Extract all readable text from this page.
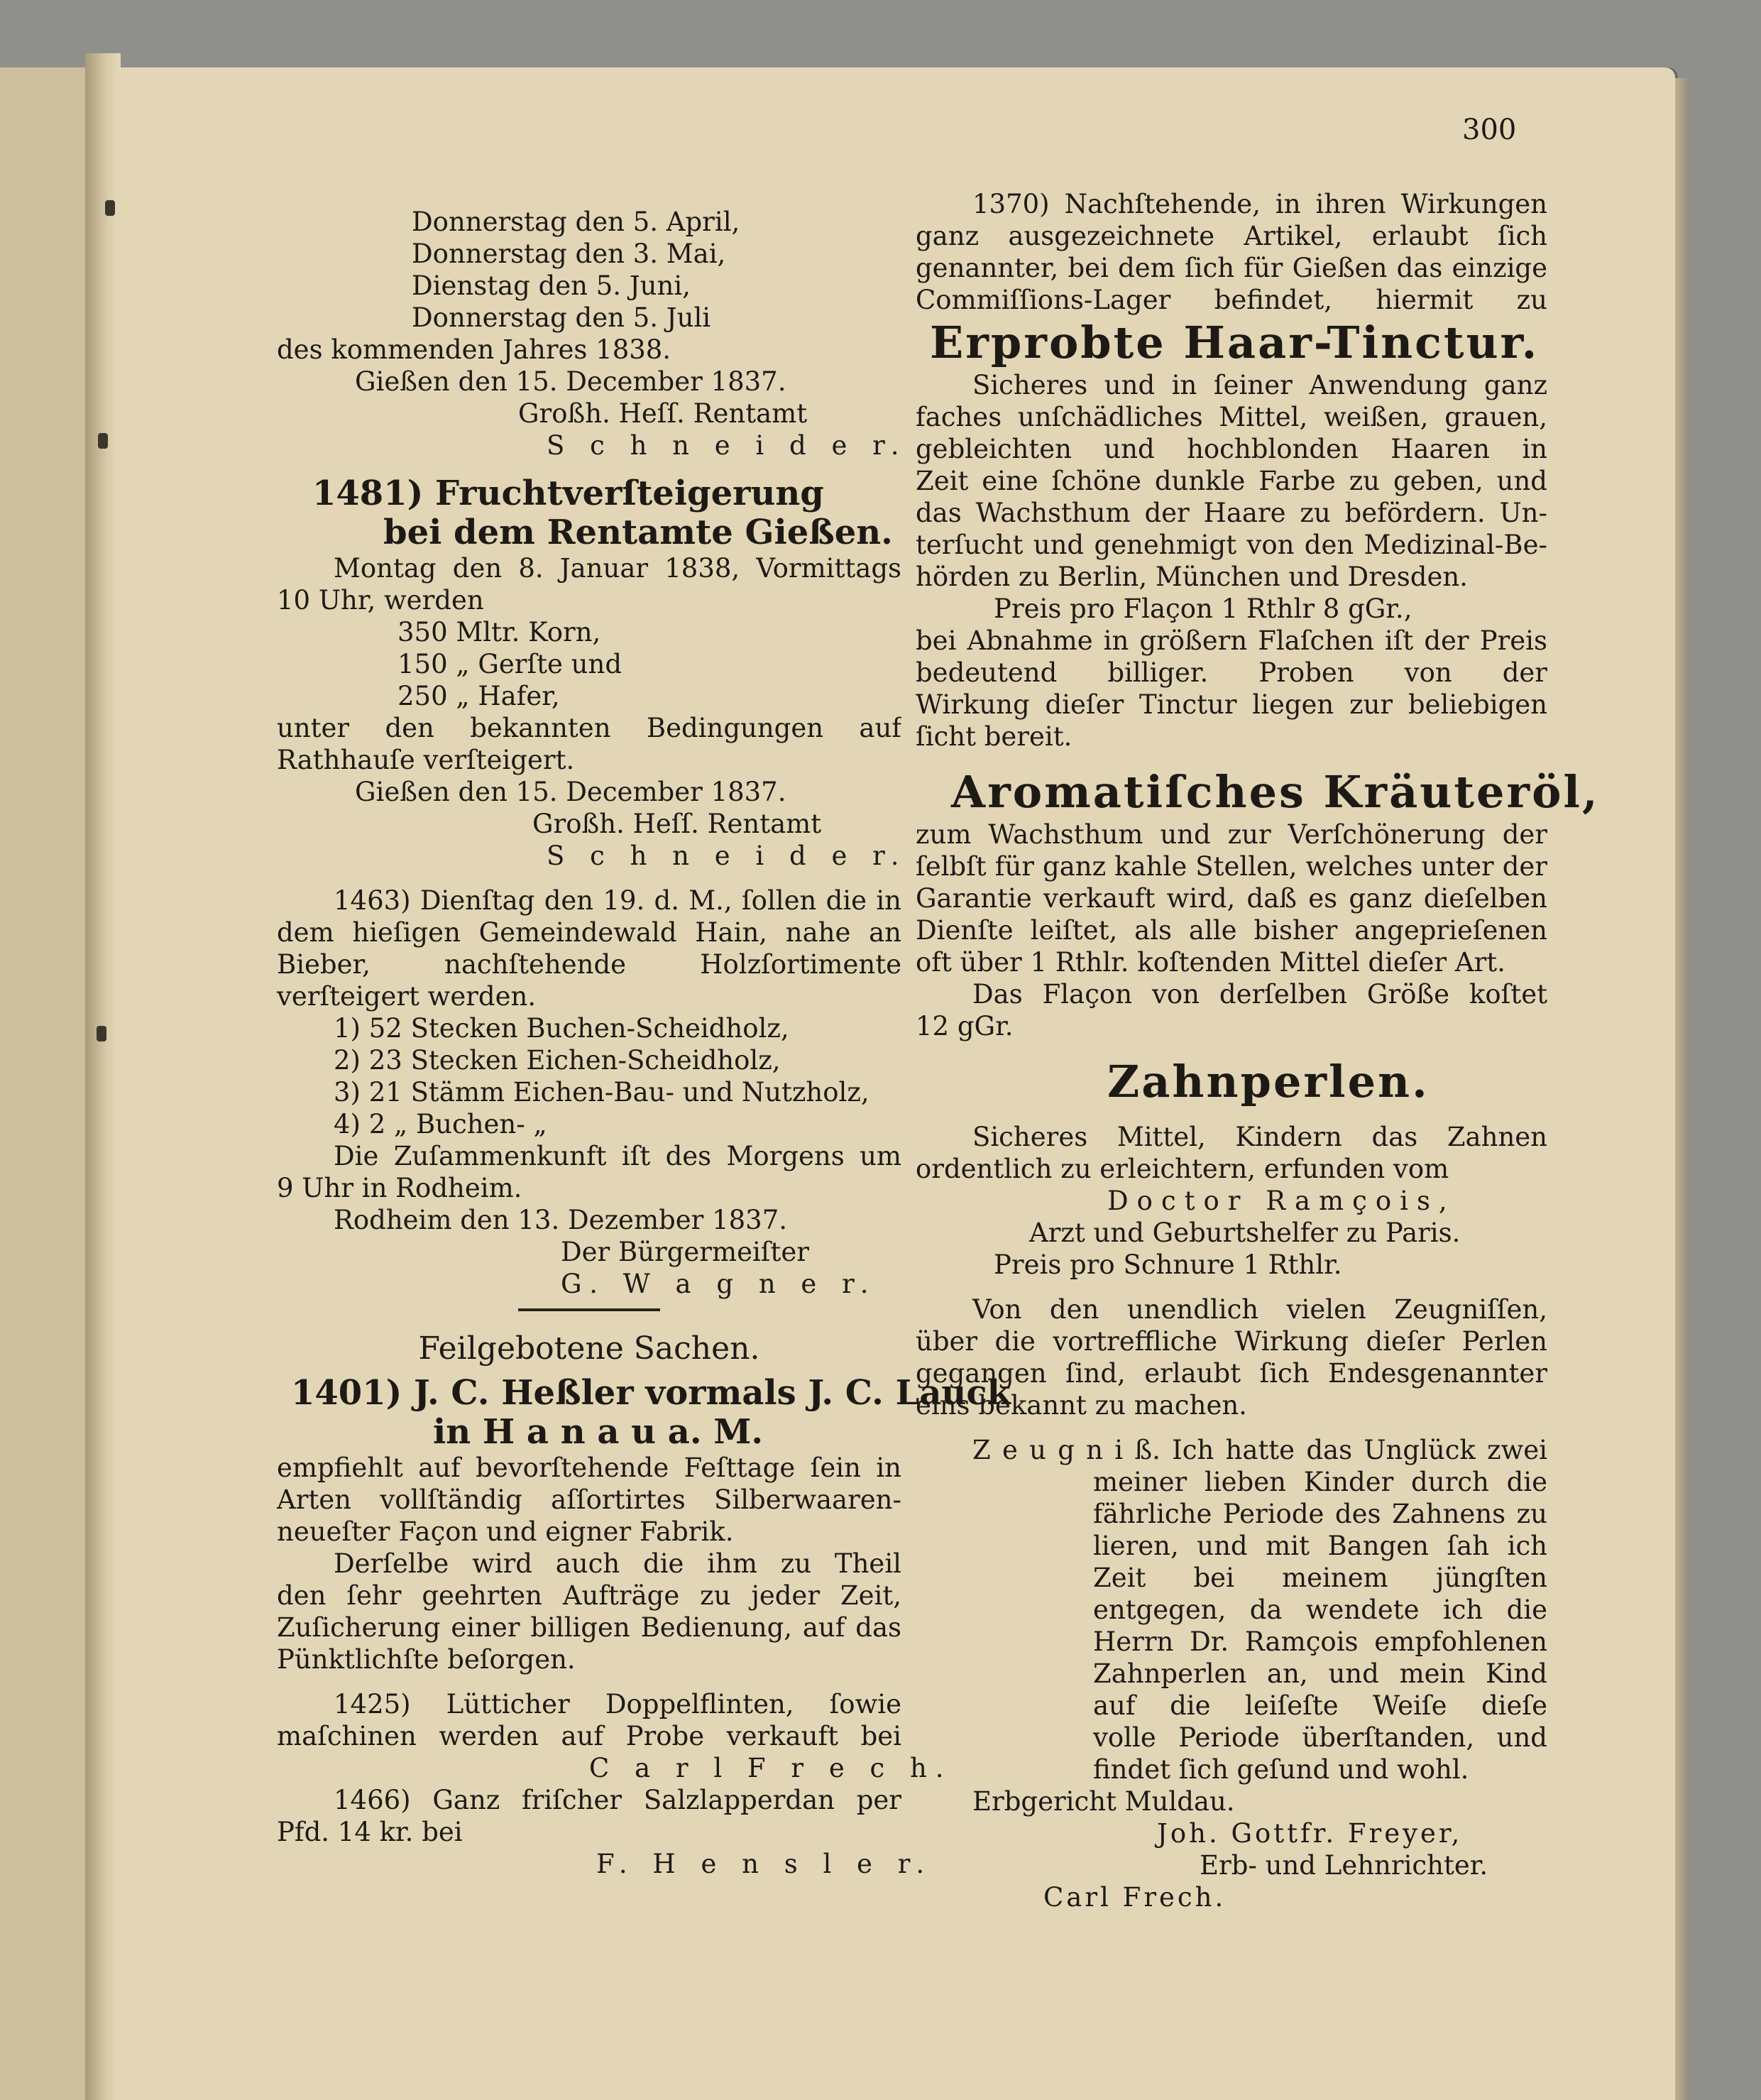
300
Donnerstag den 5. April,
Donnerstag den 3. Mai,
Dienstag den 5. Juni,
Donnerstag den 5. Juli
des kommenden Jahres 1838.
Gießen den 15. December 1837.
Großh. Heſſ. Rentamt
S c h n e i d e r.
1481) Fruchtverſteigerung
bei dem Rentamte Gießen.
Montag den 8. Januar 1838, Vormittags
10 Uhr, werden
350 Mltr. Korn,
150 „ Gerſte und
250 „ Hafer,
unter den bekannten Bedingungen auf
Rathhauſe verſteigert.
Gießen den 15. December 1837.
Großh. Heſſ. Rentamt
S c h n e i d e r.
1463) Dienſtag den 19. d. M., ſollen die in
dem hieſigen Gemeindewald Hain, nahe an
Bieber, nachſtehende Holzſortimente
verſteigert werden.
1) 52 Stecken Buchen-Scheidholz,
2) 23 Stecken Eichen-Scheidholz,
3) 21 Stämm Eichen-Bau- und Nutzholz,
4) 2 „ Buchen- „
Die Zuſammenkunft iſt des Morgens um
9 Uhr in Rodheim.
Rodheim den 13. Dezember 1837.
Der Bürgermeiſter
G. W a g n e r.
Feilgebotene Sachen.
1401) J. C. Heßler vormals J. C. Lauck
in H a n a u a. M.
empfiehlt auf bevorſtehende Feſttage ſein in
Arten vollſtändig aſſortirtes Silberwaaren-
neueſter Façon und eigner Fabrik.
Derſelbe wird auch die ihm zu Theil
den ſehr geehrten Aufträge zu jeder Zeit,
Zuſicherung einer billigen Bedienung, auf das
Pünktlichſte beſorgen.
1425) Lütticher Doppelflinten, ſowie
maſchinen werden auf Probe verkauft bei
C a r l F r e c h.
1466) Ganz friſcher Salzlapperdan per
Pfd. 14 kr. bei
F. H e n s l e r.
1370) Nachſtehende, in ihren Wirkungen
ganz ausgezeichnete Artikel, erlaubt ſich
genannter, bei dem ſich für Gießen das einzige
Commiſſions-Lager befindet, hiermit zu
Erprobte Haar-Tinctur.
Sicheres und in ſeiner Anwendung ganz
faches unſchädliches Mittel, weißen, grauen,
gebleichten und hochblonden Haaren in
Zeit eine ſchöne dunkle Farbe zu geben, und
das Wachsthum der Haare zu befördern. Un-
terſucht und genehmigt von den Medizinal-Be-
hörden zu Berlin, München und Dresden.
Preis pro Flaçon 1 Rthlr 8 gGr.,
bei Abnahme in größern Flaſchen iſt der Preis
bedeutend billiger. Proben von der
Wirkung dieſer Tinctur liegen zur beliebigen
ſicht bereit.
Aromatiſches Kräuteröl,
zum Wachsthum und zur Verſchönerung der
ſelbſt für ganz kahle Stellen, welches unter der
Garantie verkauft wird, daß es ganz dieſelben
Dienſte leiſtet, als alle bisher angeprieſenen
oft über 1 Rthlr. koſtenden Mittel dieſer Art.
Das Flaçon von derſelben Größe koſtet
12 gGr.
Zahnperlen.
Sicheres Mittel, Kindern das Zahnen
ordentlich zu erleichtern, erfunden vom
Doctor Ramçois,
Arzt und Geburtshelfer zu Paris.
Preis pro Schnure 1 Rthlr.
Von den unendlich vielen Zeugniſſen,
über die vortreffliche Wirkung dieſer Perlen
gegangen ſind, erlaubt ſich Endesgenannter
eins bekannt zu machen.
Z e u g n i ß. Ich hatte das Unglück zwei
meiner lieben Kinder durch die
fährliche Periode des Zahnens zu
lieren, und mit Bangen ſah ich
Zeit bei meinem jüngſten
entgegen, da wendete ich die
Herrn Dr. Ramçois empfohlenen
Zahnperlen an, und mein Kind
auf die leiſeſte Weiſe dieſe
volle Periode überſtanden, und
findet ſich geſund und wohl.
Erbgericht Muldau.
Joh. Gottfr. Freyer,
Erb- und Lehnrichter.
Carl Frech.
